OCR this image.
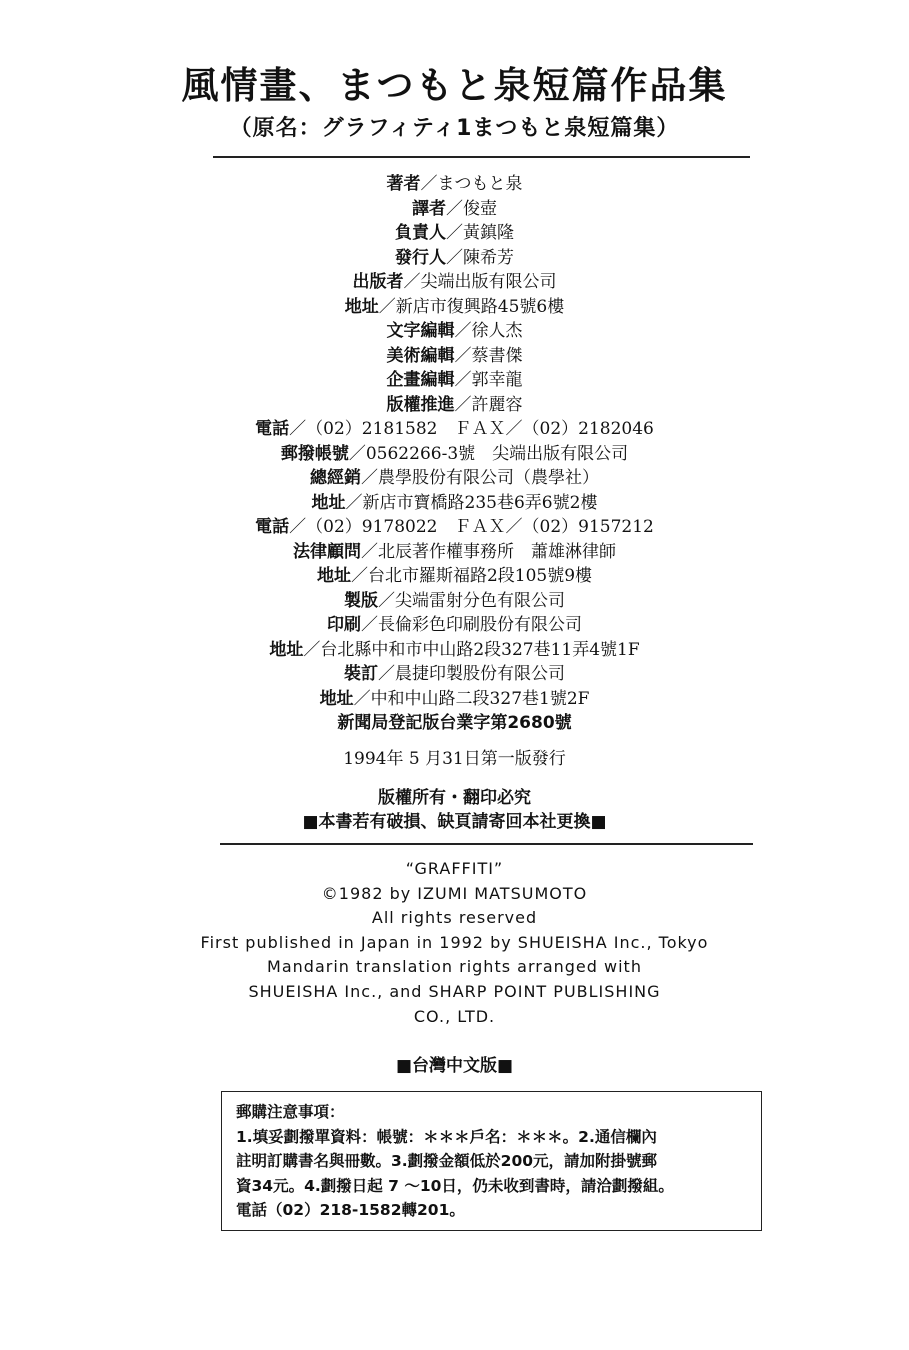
風情畫、まつもと泉短篇作品集
（原名：グラフィティ1まつもと泉短篇集）
著者／まつもと泉
譯者／俊壺
負責人／黃鎮隆
發行人／陳希芳
出版者／尖端出版有限公司
地址／新店市復興路45號6樓
文字編輯／徐人杰
美術編輯／蔡書傑
企畫編輯／郭幸龍
版權推進／許麗容
電話／（02）2181582　ＦＡＸ／（02）2182046
郵撥帳號／0562266-3號　尖端出版有限公司
總經銷／農學股份有限公司（農學社）
地址／新店市寶橋路235巷6弄6號2樓
電話／（02）9178022　ＦＡＸ／（02）9157212
法律顧問／北辰著作權事務所　蕭雄淋律師
地址／台北市羅斯福路2段105號9樓
製版／尖端雷射分色有限公司
印刷／長倫彩色印刷股份有限公司
地址／台北縣中和市中山路2段327巷11弄4號1F
裝訂／晨捷印製股份有限公司
地址／中和中山路二段327巷1號2F
新聞局登記版台業字第2680號
1994年 5 月31日第一版發行
版權所有・翻印必究
■本書若有破損、缺頁請寄回本社更換■
“GRAFFITI”
©1982 by IZUMI MATSUMOTO
All rights reserved
First published in Japan in 1992 by SHUEISHA Inc., Tokyo
Mandarin translation rights arranged with
SHUEISHA Inc., and SHARP POINT PUBLISHING
CO., LTD.
■台灣中文版■
郵購注意事項：
1.填妥劃撥單資料：帳號：＊＊＊戶名：＊＊＊。2.通信欄內
註明訂購書名與冊數。3.劃撥金額低於200元，請加附掛號郵
資34元。4.劃撥日起 7 ～10日，仍未收到書時，請洽劃撥組。
電話（02）218-1582轉201。
